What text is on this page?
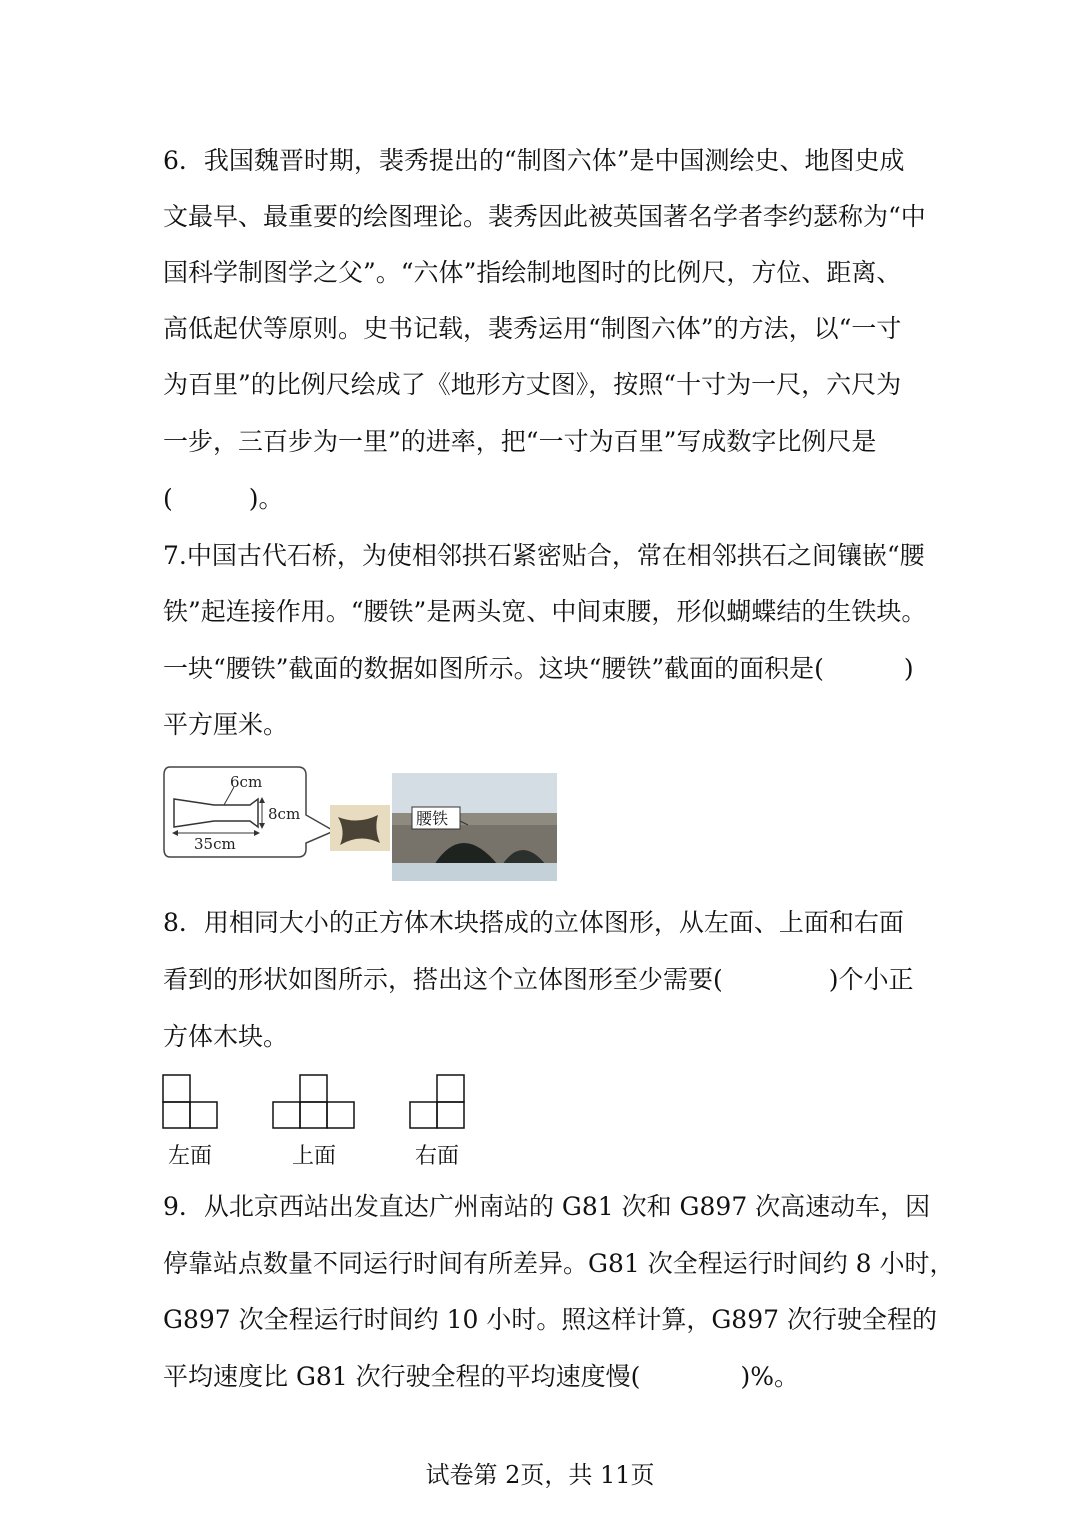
6．我国魏晋时期，裴秀提出的“制图六体”是中国测绘史、地图史成
文最早、最重要的绘图理论。裴秀因此被英国著名学者李约瑟称为“中
国科学制图学之父”。“六体”指绘制地图时的比例尺，方位、距离、
高低起伏等原则。史书记载，裴秀运用“制图六体”的方法，以“一寸
为百里”的比例尺绘成了《地形方丈图》，按照“十寸为一尺，六尺为
一步，三百步为一里”的进率，把“一寸为百里”写成数字比例尺是
(	)。
7.中国古代石桥，为使相邻拱石紧密贴合，常在相邻拱石之间镶嵌“腰
铁”起连接作用。“腰铁”是两头宽、中间束腰，形似蝴蝶结的生铁块。
一块“腰铁”截面的数据如图所示。这块“腰铁”截面的面积是(	)
平方厘米。
6cm
8cm
35cm
腰铁
8．用相同大小的正方体木块搭成的立体图形，从左面、上面和右面
看到的形状如图所示，搭出这个立体图形至少需要(	)个小正
方体木块。
左面	上面	右面
9．从北京西站出发直达广州南站的 G81 次和 G897 次高速动车，因
停靠站点数量不同运行时间有所差异。G81 次全程运行时间约 8 小时，
G897 次全程运行时间约 10 小时。照这样计算，G897 次行驶全程的
平均速度比 G81 次行驶全程的平均速度慢(	)%。
试卷第 2页，共 11页
